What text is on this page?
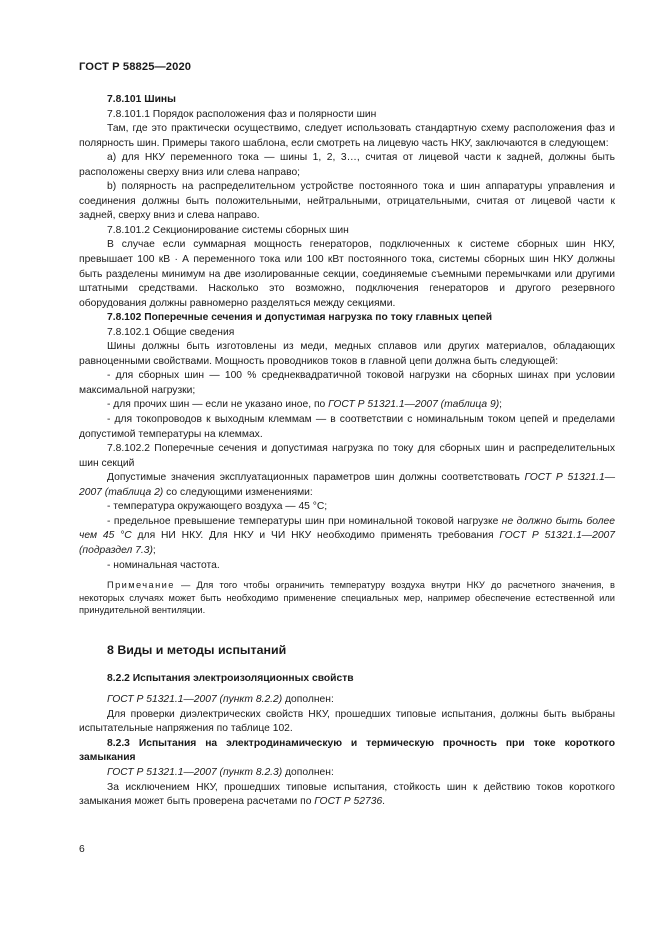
ГОСТ Р 58825—2020

7.8.101 Шины

7.8.101.1 Порядок расположения фаз и полярности шин

Там, где это практически осуществимо, следует использовать стандартную схему расположения фаз и полярность шин. Примеры такого шаблона, если смотреть на лицевую часть НКУ, заключаются в следующем:

а) для НКУ переменного тока — шины 1, 2, 3…, считая от лицевой части к задней, должны быть расположены сверху вниз или слева направо;

b) полярность на распределительном устройстве постоянного тока и шин аппаратуры управления и соединения должны быть положительными, нейтральными, отрицательными, считая от лицевой части к задней, сверху вниз и слева направо.

7.8.101.2 Секционирование системы сборных шин

В случае если суммарная мощность генераторов, подключенных к системе сборных шин НКУ, превышает 100 кВ · А переменного тока или 100 кВт постоянного тока, системы сборных шин НКУ должны быть разделены минимум на две изолированные секции, соединяемые съемными перемычками или другими штатными средствами. Насколько это возможно, подключения генераторов и другого резервного оборудования должны равномерно разделяться между секциями.

7.8.102 Поперечные сечения и допустимая нагрузка по току главных цепей

7.8.102.1 Общие сведения

Шины должны быть изготовлены из меди, медных сплавов или других материалов, обладающих равноценными свойствами. Мощность проводников токов в главной цепи должна быть следующей:

- для сборных шин — 100 % среднеквадратичной токовой нагрузки на сборных шинах при условии максимальной нагрузки;

- для прочих шин — если не указано иное, по ГОСТ Р 51321.1—2007 (таблица 9);

- для токопроводов к выходным клеммам — в соответствии с номинальным током цепей и пределами допустимой температуры на клеммах.

7.8.102.2 Поперечные сечения и допустимая нагрузка по току для сборных шин и распределительных шин секций

Допустимые значения эксплуатационных параметров шин должны соответствовать ГОСТ Р 51321.1—2007 (таблица 2) со следующими изменениями:

- температура окружающего воздуха — 45 °С;

- предельное превышение температуры шин при номинальной токовой нагрузке не должно быть более чем 45 °С для НИ НКУ. Для НКУ и ЧИ НКУ необходимо применять требования ГОСТ Р 51321.1—2007 (подраздел 7.3);

- номинальная частота.

Примечание — Для того чтобы ограничить температуру воздуха внутри НКУ до расчетного значения, в некоторых случаях может быть необходимо применение специальных мер, например обеспечение естественной или принудительной вентиляции.

8 Виды и методы испытаний

8.2.2 Испытания электроизоляционных свойств

ГОСТ Р 51321.1—2007 (пункт 8.2.2) дополнен:

Для проверки диэлектрических свойств НКУ, прошедших типовые испытания, должны быть выбраны испытательные напряжения по таблице 102.

8.2.3 Испытания на электродинамическую и термическую прочность при токе короткого замыкания

ГОСТ Р 51321.1—2007 (пункт 8.2.3) дополнен:

За исключением НКУ, прошедших типовые испытания, стойкость шин к действию токов короткого замыкания может быть проверена расчетами по ГОСТ Р 52736.

6
